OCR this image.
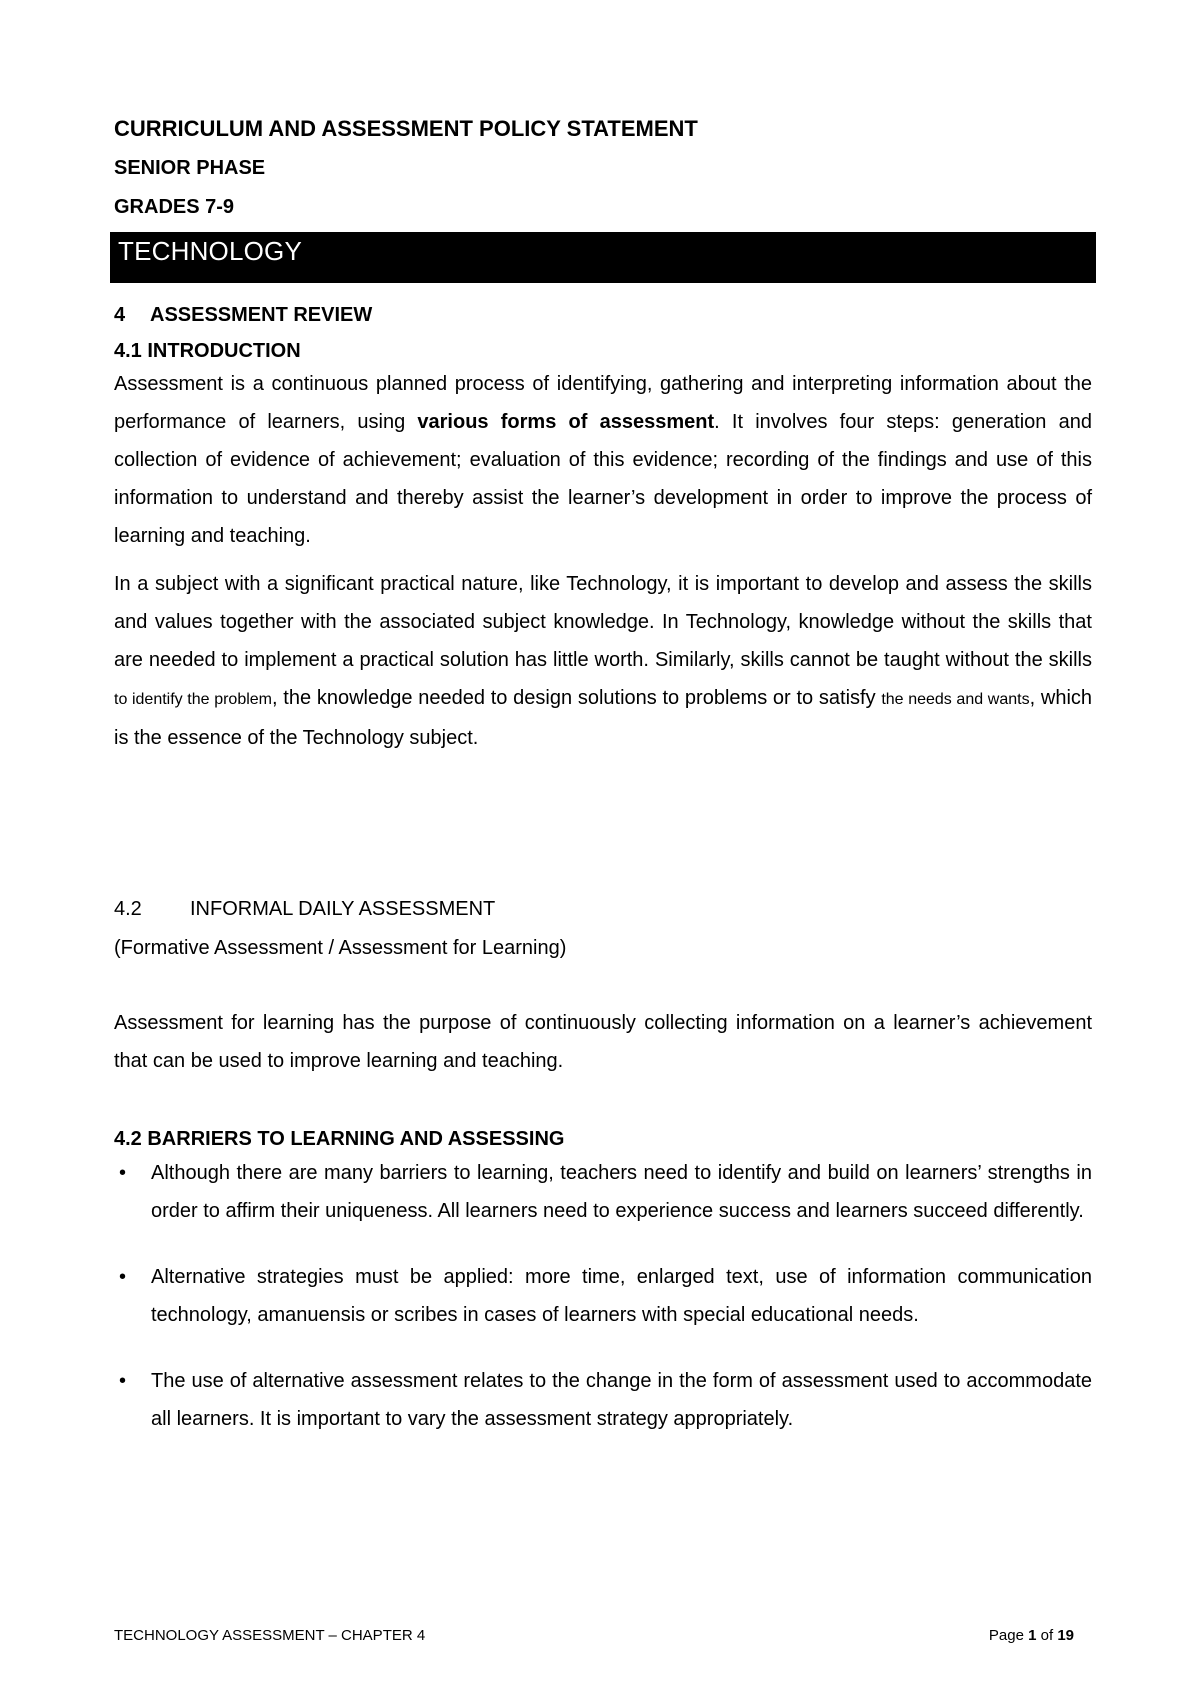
CURRICULUM AND ASSESSMENT POLICY STATEMENT

SENIOR PHASE

GRADES 7-9

TECHNOLOGY

4 ASSESSMENT REVIEW

4.1 INTRODUCTION

Assessment is a continuous planned process of identifying, gathering and interpreting information about the performance of learners, using various forms of assessment. It involves four steps: generation and collection of evidence of achievement; evaluation of this evidence; recording of the findings and use of this information to understand and thereby assist the learner’s development in order to improve the process of learning and teaching.

In a subject with a significant practical nature, like Technology, it is important to develop and assess the skills and values together with the associated subject knowledge. In Technology, knowledge without the skills that are needed to implement a practical solution has little worth. Similarly, skills cannot be taught without the skills to identify the problem, the knowledge needed to design solutions to problems or to satisfy the needs and wants, which is the essence of the Technology subject.

4.2 INFORMAL DAILY ASSESSMENT

(Formative Assessment / Assessment for Learning)

Assessment for learning has the purpose of continuously collecting information on a learner’s achievement that can be used to improve learning and teaching.

4.2 BARRIERS TO LEARNING AND ASSESSING

• Although there are many barriers to learning, teachers need to identify and build on learners’ strengths in order to affirm their uniqueness. All learners need to experience success and learners succeed differently.
• Alternative strategies must be applied: more time, enlarged text, use of information communication technology, amanuensis or scribes in cases of learners with special educational needs.
• The use of alternative assessment relates to the change in the form of assessment used to accommodate all learners. It is important to vary the assessment strategy appropriately.
TECHNOLOGY ASSESSMENT – CHAPTER 4	Page 1 of 19
